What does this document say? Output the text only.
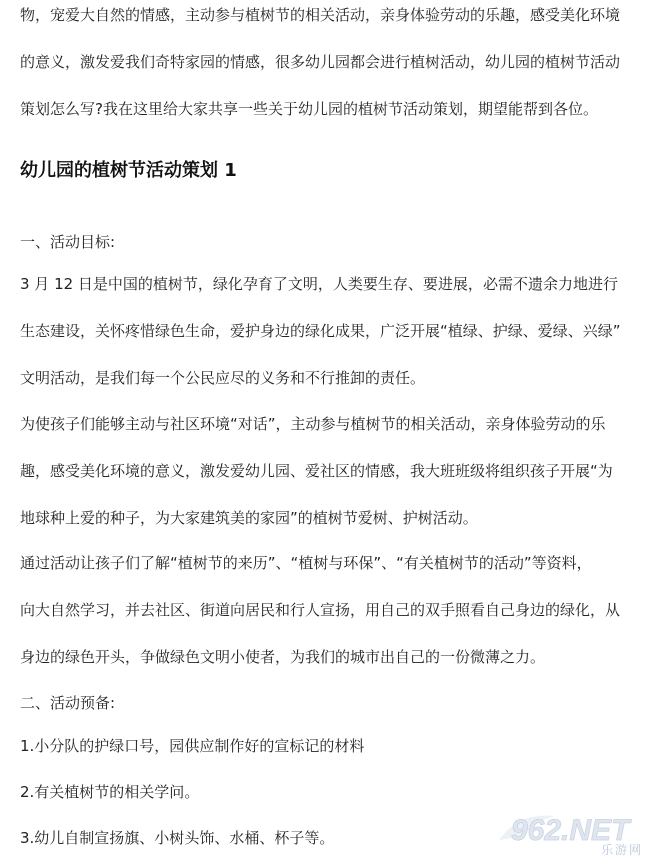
物，宠爱大自然的情感，主动参与植树节的相关活动，亲身体验劳动的乐趣，感受美化环境
的意义，激发爱我们奇特家园的情感，很多幼儿园都会进行植树活动，幼儿园的植树节活动
策划怎么写?我在这里给大家共享一些关于幼儿园的植树节活动策划，期望能帮到各位。

幼儿园的植树节活动策划 1
一、活动目标:

3 月 12 日是中国的植树节，绿化孕育了文明，人类要生存、要进展，必需不遗余力地进行
生态建设，关怀疼惜绿色生命，爱护身边的绿化成果，广泛开展“植绿、护绿、爱绿、兴绿”
文明活动，是我们每一个公民应尽的义务和不行推卸的责任。

为使孩子们能够主动与社区环境“对话”，主动参与植树节的相关活动，亲身体验劳动的乐
趣，感受美化环境的意义，激发爱幼儿园、爱社区的情感，我大班班级将组织孩子开展“为
地球种上爱的种子，为大家建筑美的家园”的植树节爱树、护树活动。

通过活动让孩子们了解“植树节的来历”、“植树与环保”、“有关植树节的活动”等资料，
向大自然学习，并去社区、街道向居民和行人宣扬，用自己的双手照看自己身边的绿化，从
身边的绿色开头，争做绿色文明小使者，为我们的城市出自己的一份微薄之力。

二、活动预备:
1.小分队的护绿口号，园供应制作好的宣标记的材料
2.有关植树节的相关学问。
3.幼儿自制宣扬旗、小树头饰、水桶、杯子等。	962.NET
乐游网
